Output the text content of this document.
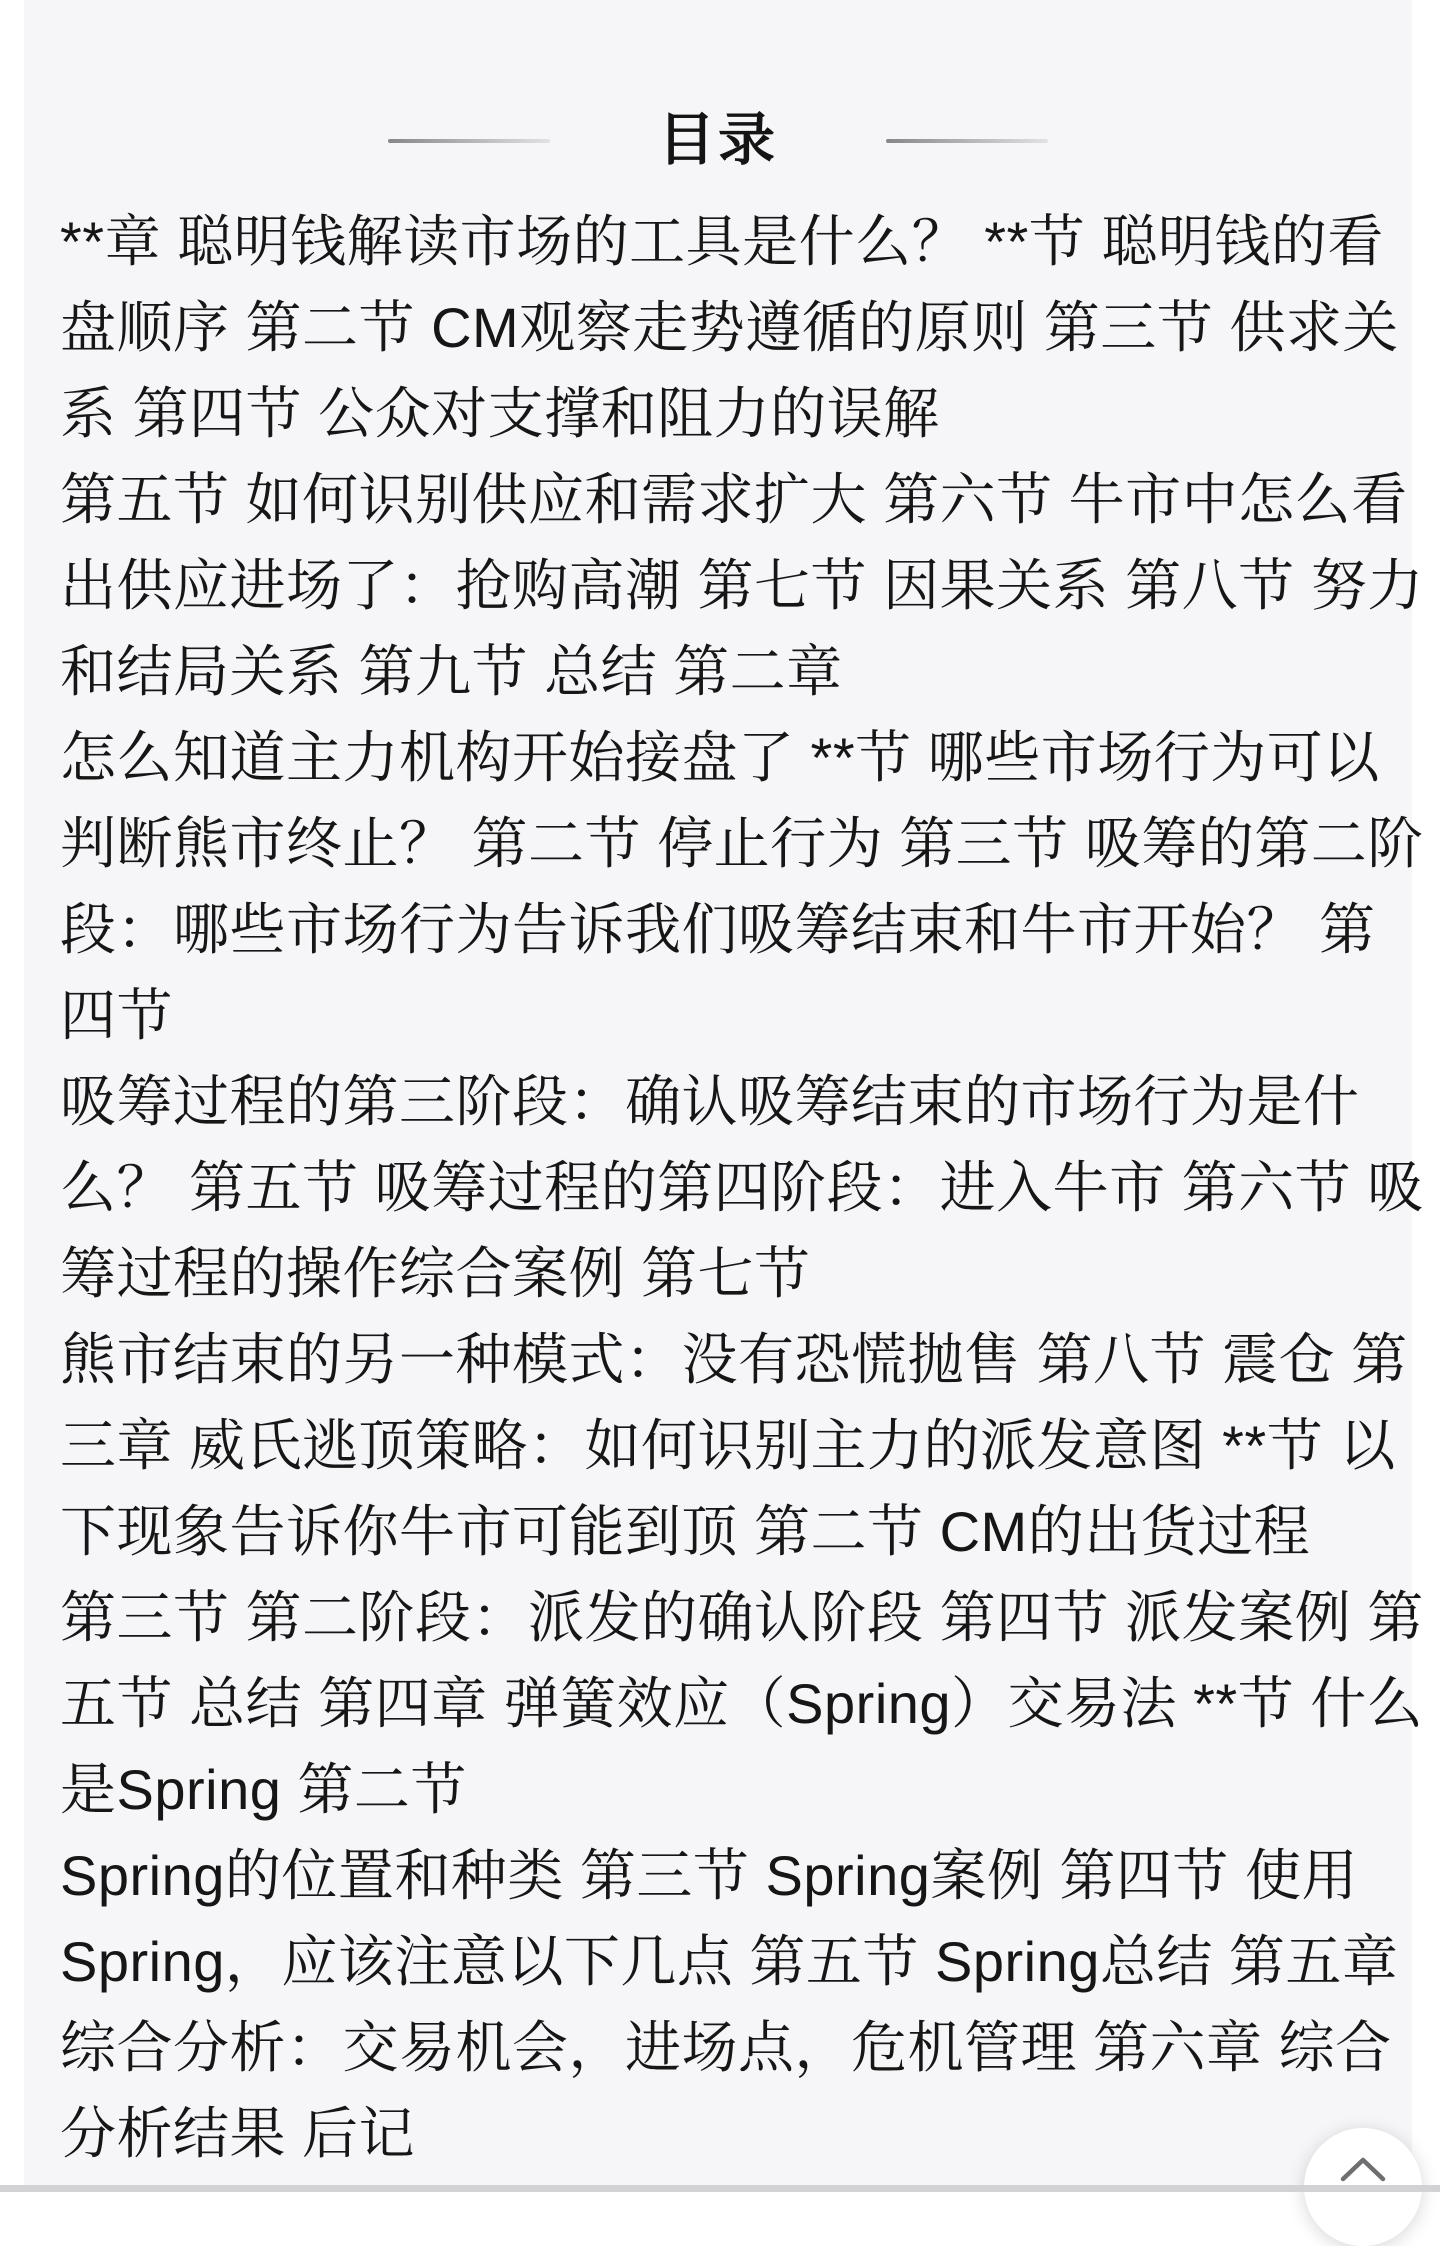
目录
**章 聪明钱解读市场的工具是什么？ **节 聪明钱的看
盘顺序 第二节 CM观察走势遵循的原则 第三节 供求关
系 第四节 公众对支撑和阻力的误解
第五节 如何识别供应和需求扩大 第六节 牛市中怎么看
出供应进场了：抢购高潮 第七节 因果关系 第八节 努力
和结局关系 第九节 总结 第二章
怎么知道主力机构开始接盘了 **节 哪些市场行为可以
判断熊市终止？ 第二节 停止行为 第三节 吸筹的第二阶
段：哪些市场行为告诉我们吸筹结束和牛市开始？ 第
四节
吸筹过程的第三阶段：确认吸筹结束的市场行为是什
么？ 第五节 吸筹过程的第四阶段：进入牛市 第六节 吸
筹过程的操作综合案例 第七节
熊市结束的另一种模式：没有恐慌抛售 第八节 震仓 第
三章 威氏逃顶策略：如何识别主力的派发意图 **节 以
下现象告诉你牛市可能到顶 第二节 CM的出货过程
第三节 第二阶段：派发的确认阶段 第四节 派发案例 第
五节 总结 第四章 弹簧效应（Spring）交易法 **节 什么
是Spring 第二节
Spring的位置和种类 第三节 Spring案例 第四节 使用
Spring，应该注意以下几点 第五节 Spring总结 第五章
综合分析：交易机会，进场点，危机管理 第六章 综合
分析结果 后记
